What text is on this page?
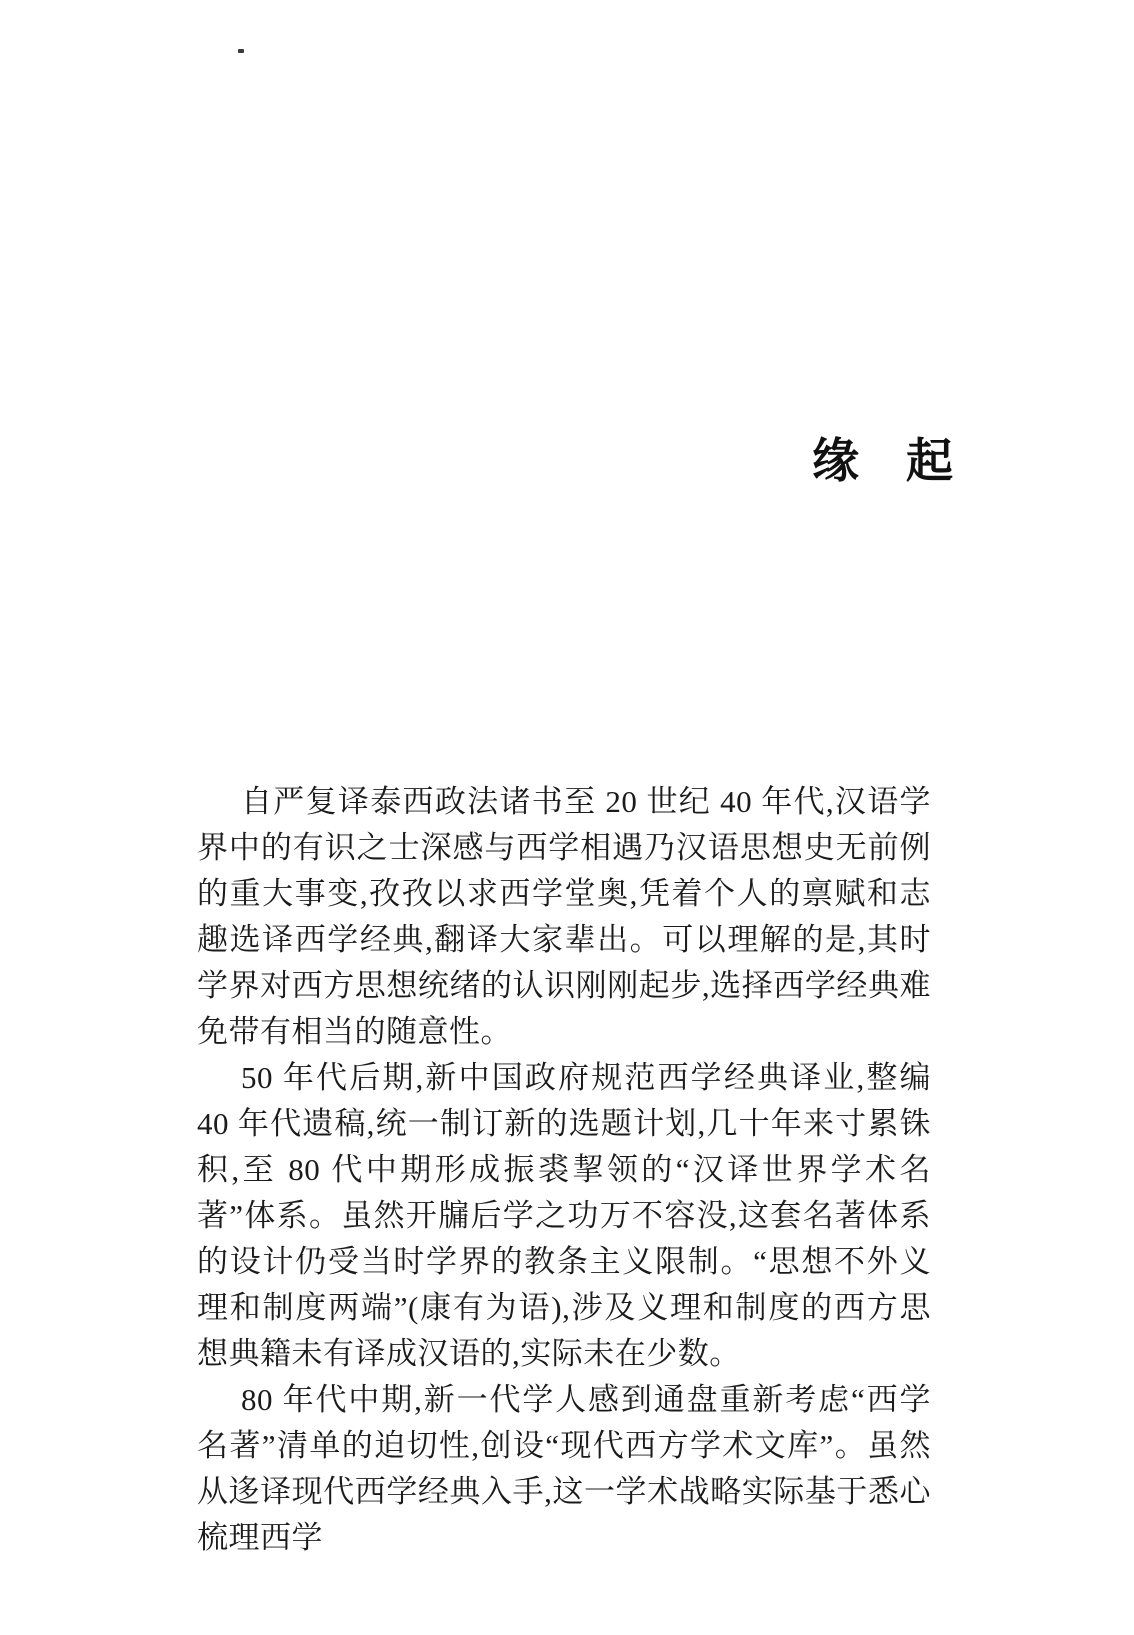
缘　起

自严复译泰西政法诸书至 20 世纪 40 年代,汉语学界中的有识之士深感与西学相遇乃汉语思想史无前例的重大事变,孜孜以求西学堂奥,凭着个人的禀赋和志趣选译西学经典,翻译大家辈出。可以理解的是,其时学界对西方思想统绪的认识刚刚起步,选择西学经典难免带有相当的随意性。

50 年代后期,新中国政府规范西学经典译业,整编 40 年代遗稿,统一制订新的选题计划,几十年来寸累铢积,至 80 代中期形成振裘挈领的“汉译世界学术名著”体系。虽然开牖后学之功万不容没,这套名著体系的设计仍受当时学界的教条主义限制。“思想不外义理和制度两端”(康有为语),涉及义理和制度的西方思想典籍未有译成汉语的,实际未在少数。

80 年代中期,新一代学人感到通盘重新考虑“西学名著”清单的迫切性,创设“现代西方学术文库”。虽然从迻译现代西学经典入手,这一学术战略实际基于悉心梳理西学
